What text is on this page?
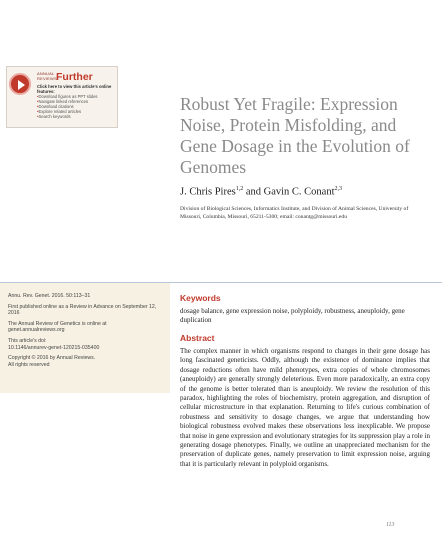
ANNUAL
REVIEWS Further
Click here to view this article's online features:
• Download figures as PPT slides
• Navigate linked references
• Download citations
• Explore related articles
• Search keywords
Robust Yet Fragile: Expression Noise, Protein Misfolding, and Gene Dosage in the Evolution of Genomes
J. Chris Pires$^{1,2}$ and Gavin C. Conant$^{2,3}$
Division of Biological Sciences, Informatics Institute, and Division of Animal Sciences, University of Missouri, Columbia, Missouri, 65211-5300; email: conantg@missouri.edu

Annu. Rev. Genet. 2016. 50:113–31

First published online as a Review in Advance on September 12, 2016

The Annual Review of Genetics is online at genet.annualreviews.org

This article's doi:
10.1146/annurev-genet-120215-035400

Copyright © 2016 by Annual Reviews.
All rights reserved

Keywords

dosage balance, gene expression noise, polyploidy, robustness, aneuploidy, gene duplication

Abstract

The complex manner in which organisms respond to changes in their gene dosage has long fascinated geneticists. Oddly, although the existence of dominance implies that dosage reductions often have mild phenotypes, extra copies of whole chromosomes (aneuploidy) are generally strongly deleterious. Even more paradoxically, an extra copy of the genome is better tolerated than is aneuploidy. We review the resolution of this paradox, highlighting the roles of biochemistry, protein aggregation, and disruption of cellular microstructure in that explanation. Returning to life's curious combination of robustness and sensitivity to dosage changes, we argue that understanding how biological robustness evolved makes these observations less inexplicable. We propose that noise in gene expression and evolutionary strategies for its suppression play a role in generating dosage phenotypes. Finally, we outline an unappreciated mechanism for the preservation of duplicate genes, namely preservation to limit expression noise, arguing that it is particularly relevant in polyploid organisms.

113
